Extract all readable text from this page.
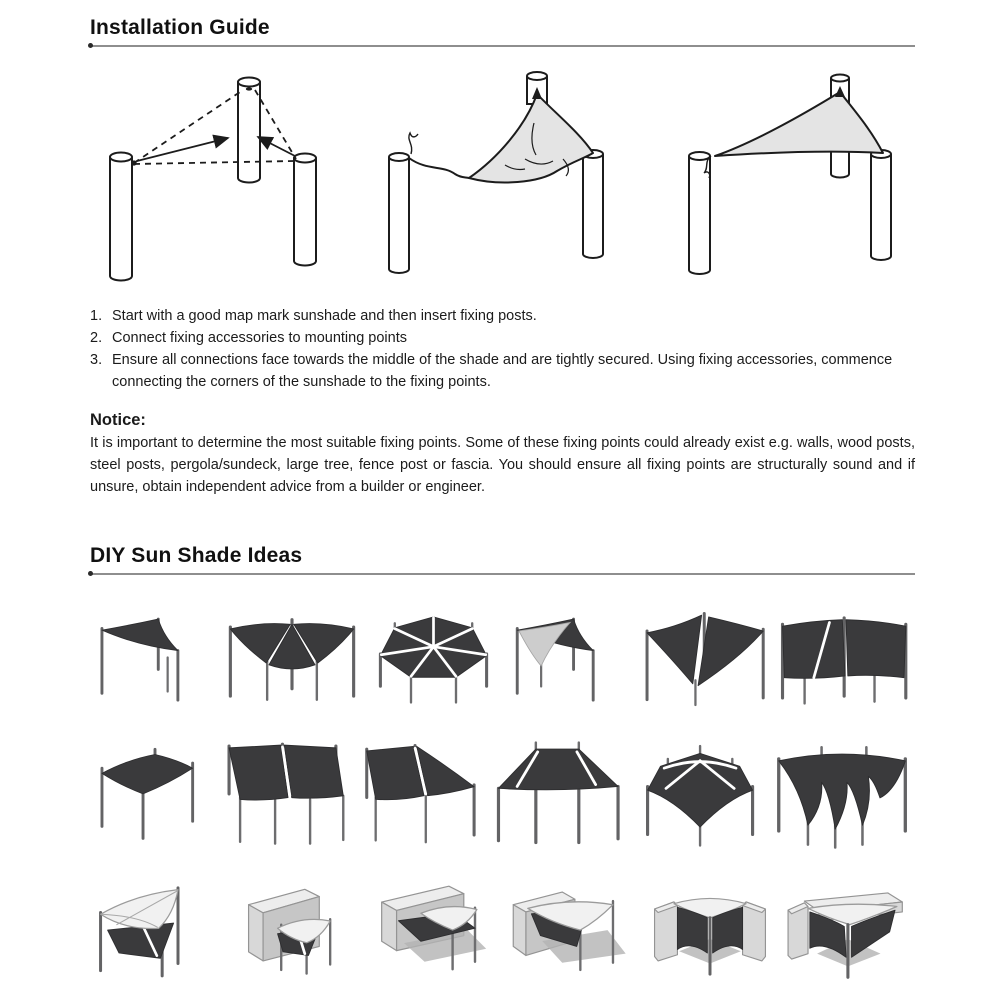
Installation Guide
1. Start with a good map mark sunshade and then insert fixing posts.
2. Connect fixing accessories to mounting points
3. Ensure all connections face towards the middle of the shade and are tightly secured. Using fixing accessories, commence connecting the corners of the sunshade to the fixing points.
Notice:

It is important to determine the most suitable fixing points. Some of these fixing points could already exist e.g. walls, wood posts, steel posts, pergola/sundeck, large tree, fence post or fascia. You should ensure all fixing points are structurally sound and if unsure, obtain independent advice from a builder or engineer.

DIY Sun Shade Ideas
